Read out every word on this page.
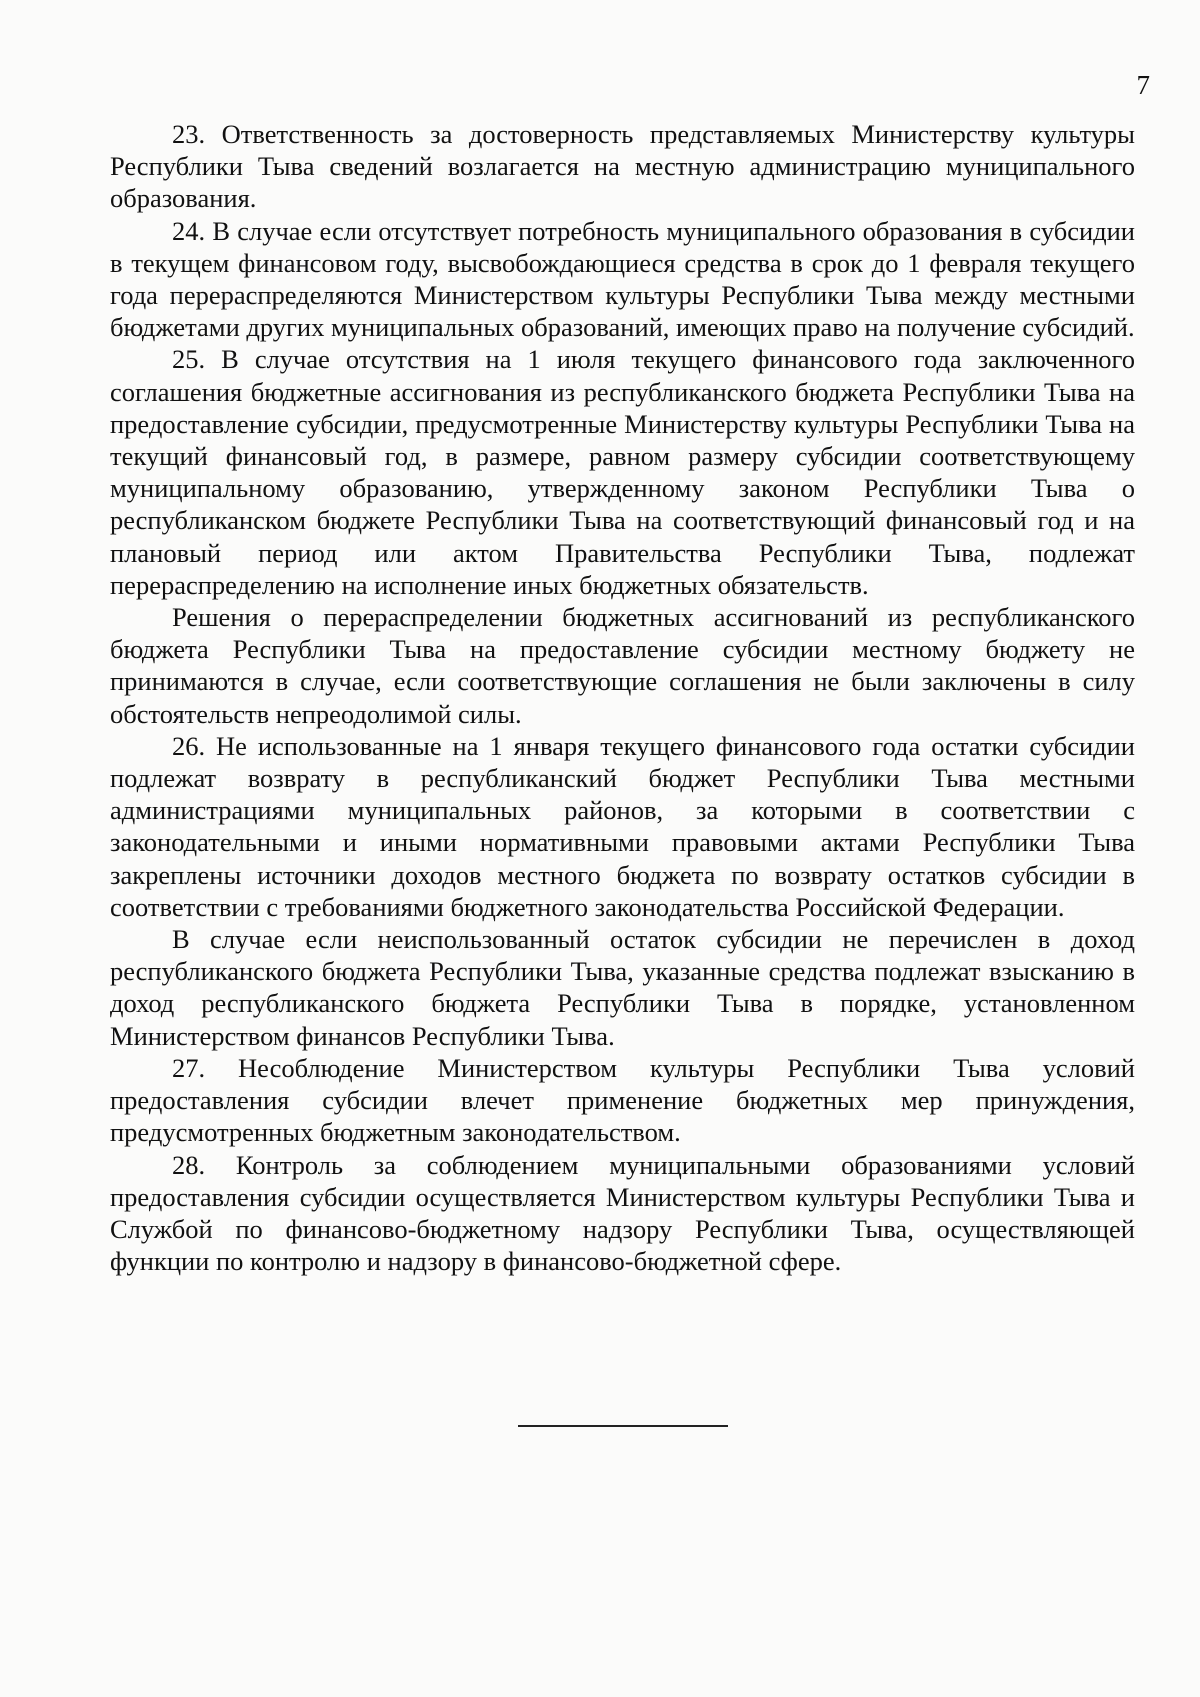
7

23. Ответственность за достоверность представляемых Министерству культуры Республики Тыва сведений возлагается на местную администрацию муниципального образования.

24. В случае если отсутствует потребность муниципального образования в субсидии в текущем финансовом году, высвобождающиеся средства в срок до 1 февраля текущего года перераспределяются Министерством культуры Республики Тыва между местными бюджетами других муниципальных образований, имеющих право на получение субсидий.

25. В случае отсутствия на 1 июля текущего финансового года заключенного соглашения бюджетные ассигнования из республиканского бюджета Республики Тыва на предоставление субсидии, предусмотренные Министерству культуры Республики Тыва на текущий финансовый год, в размере, равном размеру субсидии соответствующему муниципальному образованию, утвержденному законом Республики Тыва о республиканском бюджете Республики Тыва на соответствующий финансовый год и на плановый период или актом Правительства Республики Тыва, подлежат перераспределению на исполнение иных бюджетных обязательств.

Решения о перераспределении бюджетных ассигнований из республиканского бюджета Республики Тыва на предоставление субсидии местному бюджету не принимаются в случае, если соответствующие соглашения не были заключены в силу обстоятельств непреодолимой силы.

26. Не использованные на 1 января текущего финансового года остатки субсидии подлежат возврату в республиканский бюджет Республики Тыва местными администрациями муниципальных районов, за которыми в соответствии с законодательными и иными нормативными правовыми актами Республики Тыва закреплены источники доходов местного бюджета по возврату остатков субсидии в соответствии с требованиями бюджетного законодательства Российской Федерации.

В случае если неиспользованный остаток субсидии не перечислен в доход республиканского бюджета Республики Тыва, указанные средства подлежат взысканию в доход республиканского бюджета Республики Тыва в порядке, установленном Министерством финансов Республики Тыва.

27. Несоблюдение Министерством культуры Республики Тыва условий предоставления субсидии влечет применение бюджетных мер принуждения, предусмотренных бюджетным законодательством.

28. Контроль за соблюдением муниципальными образованиями условий предоставления субсидии осуществляется Министерством культуры Республики Тыва и Службой по финансово-бюджетному надзору Республики Тыва, осуществляющей функции по контролю и надзору в финансово-бюджетной сфере.
